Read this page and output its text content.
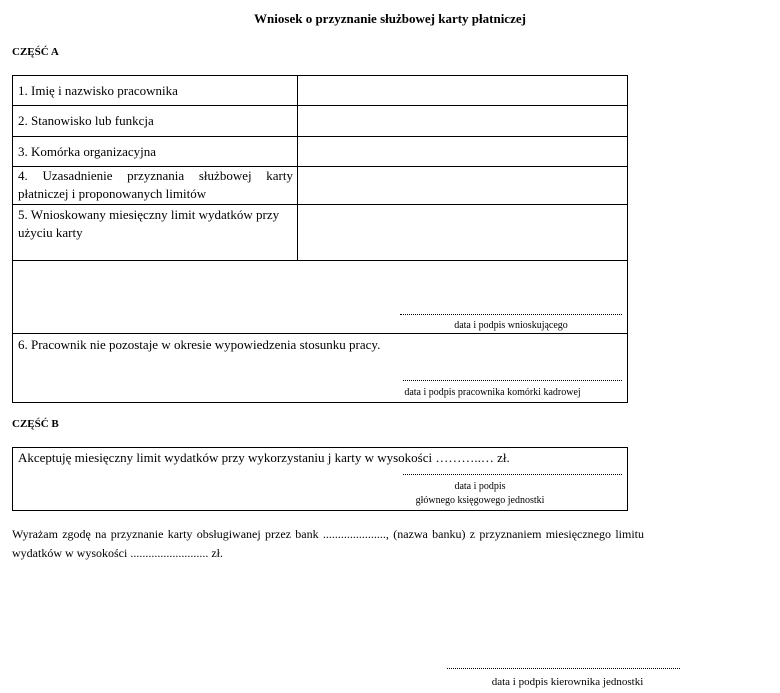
Wniosek o przyznanie służbowej karty płatniczej
CZĘŚĆ A
1. Imię i nazwisko pracownika
2. Stanowisko lub funkcja
3. Komórka organizacyjna
4. Uzasadnienie przyznania służbowej karty płatniczej i proponowanych limitów
5. Wnioskowany miesięczny limit wydatków przy użyciu karty
data i podpis wnioskującego
6. Pracownik nie pozostaje w okresie wypowiedzenia stosunku pracy.
data i podpis pracownika komórki kadrowej
CZĘŚĆ B
Akceptuję miesięczny limit wydatków przy wykorzystaniu j karty w wysokości ………..… zł.
data i podpis
głównego księgowego jednostki
Wyrażam zgodę na przyznanie karty obsługiwanej przez bank ....................., (nazwa banku) z przyznaniem miesięcznego limitu wydatków w wysokości .......................... zł.
data i podpis kierownika jednostki
